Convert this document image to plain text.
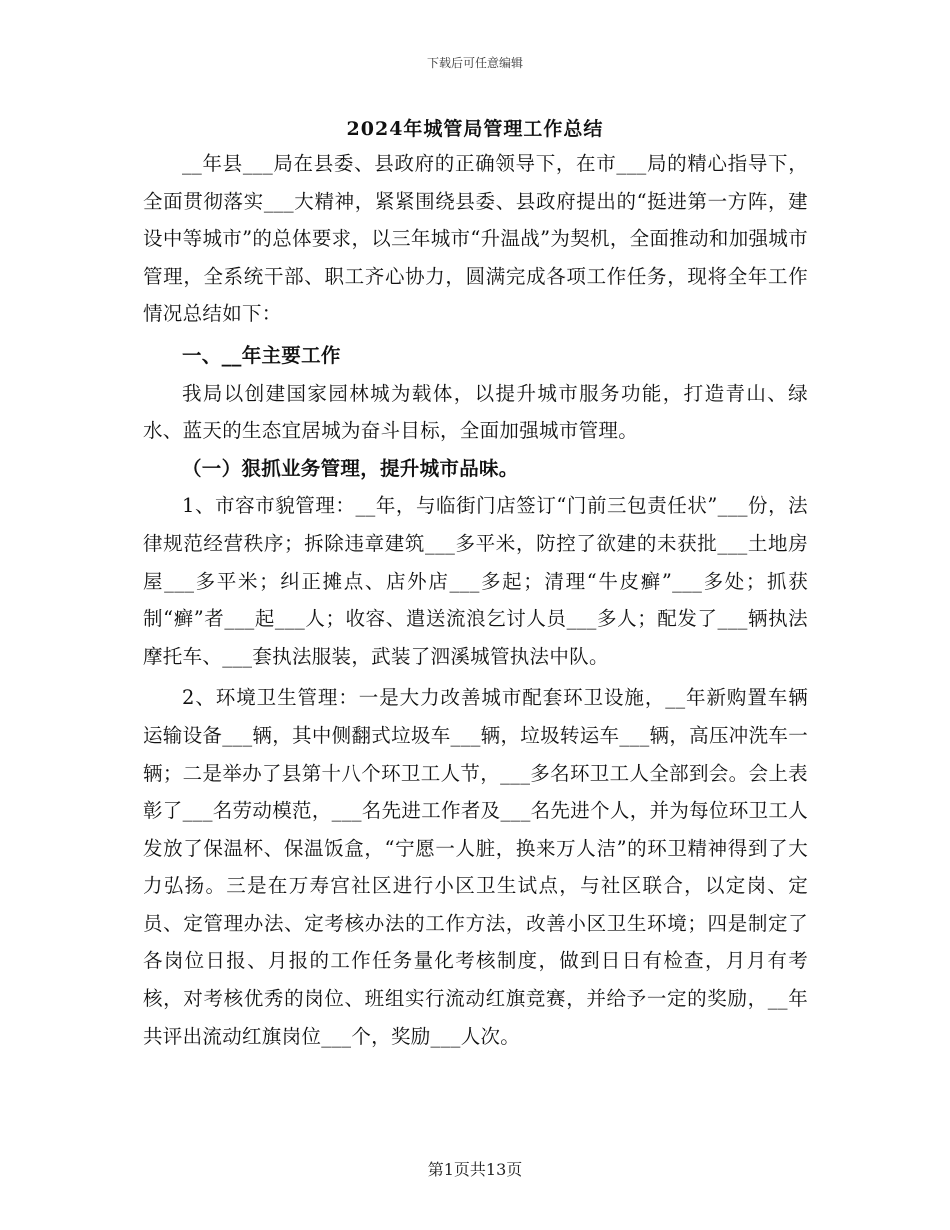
下载后可任意编辑
2024年城管局管理工作总结

__年县___局在县委、县政府的正确领导下，在市___局的精心指导下，全面贯彻落实___大精神，紧紧围绕县委、县政府提出的“挺进第一方阵，建设中等城市”的总体要求，以三年城市“升温战”为契机，全面推动和加强城市管理，全系统干部、职工齐心协力，圆满完成各项工作任务，现将全年工作情况总结如下：

一、__年主要工作

我局以创建国家园林城为载体，以提升城市服务功能，打造青山、绿水、蓝天的生态宜居城为奋斗目标，全面加强城市管理。

（一）狠抓业务管理，提升城市品味。

1、市容市貌管理：__年，与临街门店签订“门前三包责任状”___份，法律规范经营秩序；拆除违章建筑___多平米，防控了欲建的未获批___土地房屋___多平米；纠正摊点、店外店___多起；清理“牛皮癣”___多处；抓获制“癣”者___起___人；收容、遣送流浪乞讨人员___多人；配发了___辆执法摩托车、___套执法服装，武装了泗溪城管执法中队。

2、环境卫生管理：一是大力改善城市配套环卫设施，__年新购置车辆运输设备___辆，其中侧翻式垃圾车___辆，垃圾转运车___辆，高压冲洗车一辆；二是举办了县第十八个环卫工人节，___多名环卫工人全部到会。会上表彰了___名劳动模范，___名先进工作者及___名先进个人，并为每位环卫工人发放了保温杯、保温饭盒，“宁愿一人脏，换来万人洁”的环卫精神得到了大力弘扬。三是在万寿宫社区进行小区卫生试点，与社区联合，以定岗、定员、定管理办法、定考核办法的工作方法，改善小区卫生环境；四是制定了各岗位日报、月报的工作任务量化考核制度，做到日日有检查，月月有考核，对考核优秀的岗位、班组实行流动红旗竞赛，并给予一定的奖励，__年共评出流动红旗岗位___个，奖励___人次。

第1页共13页
